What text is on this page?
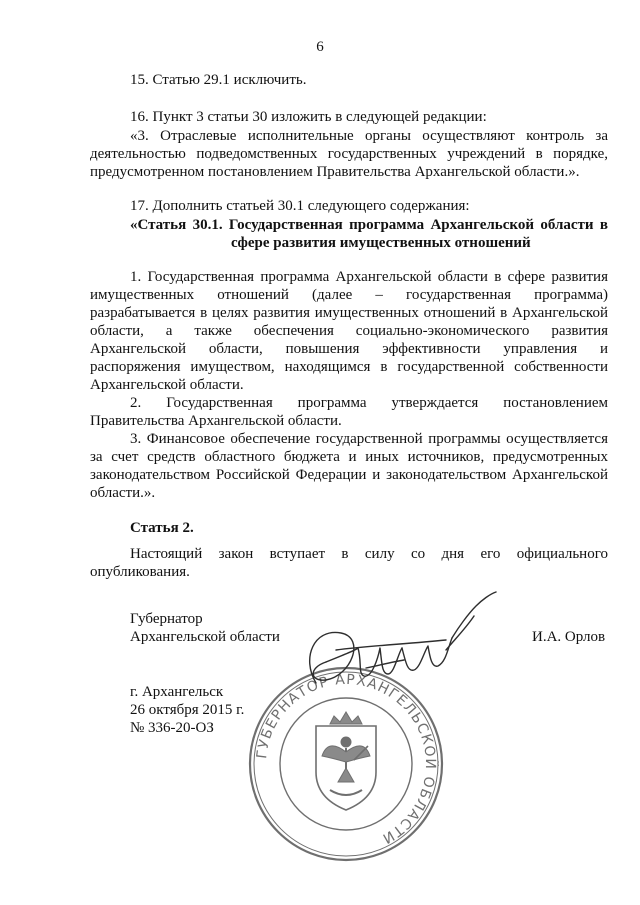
6
15. Статью 29.1 исключить.
16. Пункт 3 статьи 30 изложить в следующей редакции:
«3. Отраслевые исполнительные органы осуществляют контроль за
деятельностью подведомственных государственных учреждений в порядке,
предусмотренном постановлением Правительства Архангельской области.».
17. Дополнить статьей 30.1 следующего содержания:
«Статья 30.1. Государственная программа Архангельской области в
сфере развития имущественных отношений
1. Государственная программа Архангельской области в сфере развития
имущественных отношений (далее – государственная программа)
разрабатывается в целях развития имущественных отношений в Архангельской
области, а также обеспечения социально-экономического развития
Архангельской области, повышения эффективности управления и
распоряжения имуществом, находящимся в государственной собственности
Архангельской области.
2. Государственная программа утверждается постановлением
Правительства Архангельской области.
3. Финансовое обеспечение государственной программы осуществляется
за счет средств областного бюджета и иных источников, предусмотренных
законодательством Российской Федерации и законодательством Архангельской
области.».
Статья 2.
Настоящий закон вступает в силу со дня его официального
опубликования.
Губернатор
Архангельской области	И.А. Орлов
г. Архангельск
26 октября 2015 г.
№ 336-20-ОЗ
ГУБЕРНАТОР АРХАНГЕЛЬСКОЙ ОБЛАСТИ
